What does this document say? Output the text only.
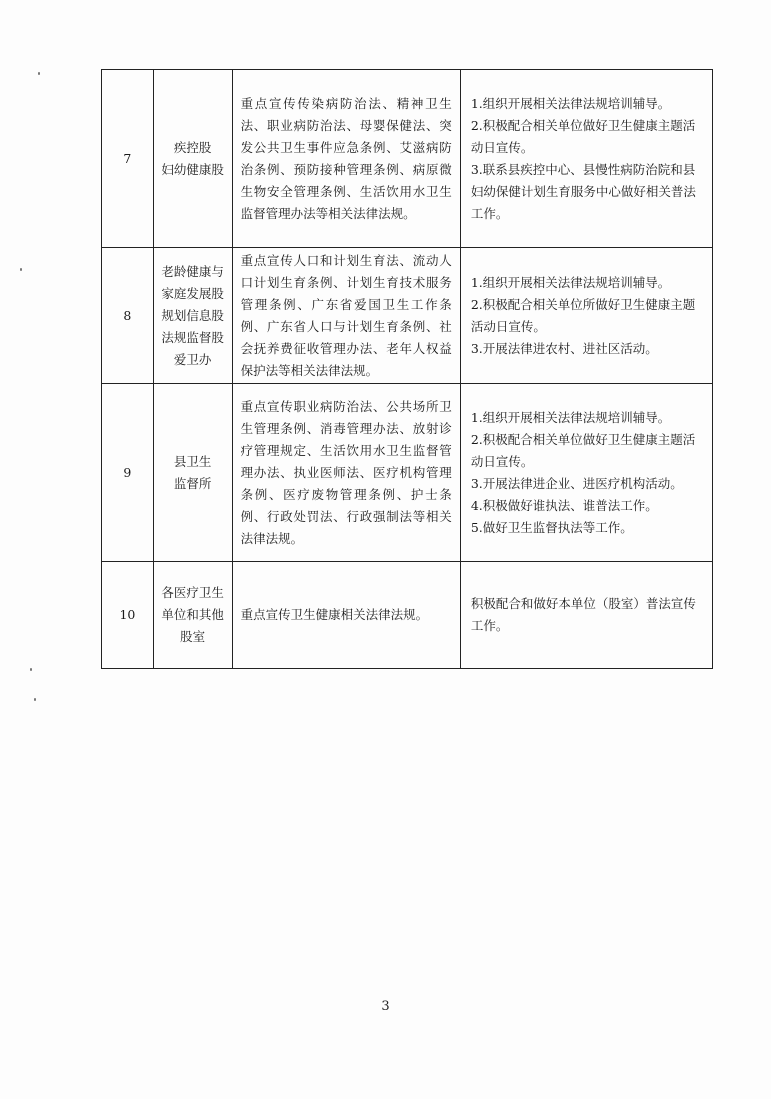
7
疾控股
妇幼健康股
重点宣传传染病防治法、精神卫生法、职业病防治法、母婴保健法、突发公共卫生事件应急条例、艾滋病防治条例、预防接种管理条例、病原微生物安全管理条例、生活饮用水卫生监督管理办法等相关法律法规。
1.组织开展相关法律法规培训辅导。
2.积极配合相关单位做好卫生健康主题活动日宣传。
3.联系县疾控中心、县慢性病防治院和县妇幼保健计划生育服务中心做好相关普法工作。
8
老龄健康与
家庭发展股
规划信息股
法规监督股
爱卫办
重点宣传人口和计划生育法、流动人口计划生育条例、计划生育技术服务管理条例、广东省爱国卫生工作条例、广东省人口与计划生育条例、社会抚养费征收管理办法、老年人权益保护法等相关法律法规。
1.组织开展相关法律法规培训辅导。
2.积极配合相关单位所做好卫生健康主题活动日宣传。
3.开展法律进农村、进社区活动。
9
县卫生
监督所
重点宣传职业病防治法、公共场所卫生管理条例、消毒管理办法、放射诊疗管理规定、生活饮用水卫生监督管理办法、执业医师法、医疗机构管理条例、医疗废物管理条例、护士条例、行政处罚法、行政强制法等相关法律法规。
1.组织开展相关法律法规培训辅导。
2.积极配合相关单位做好卫生健康主题活动日宣传。
3.开展法律进企业、进医疗机构活动。
4.积极做好谁执法、谁普法工作。
5.做好卫生监督执法等工作。
10
各医疗卫生
单位和其他
股室
重点宣传卫生健康相关法律法规。
积极配合和做好本单位（股室）普法宣传工作。
3
